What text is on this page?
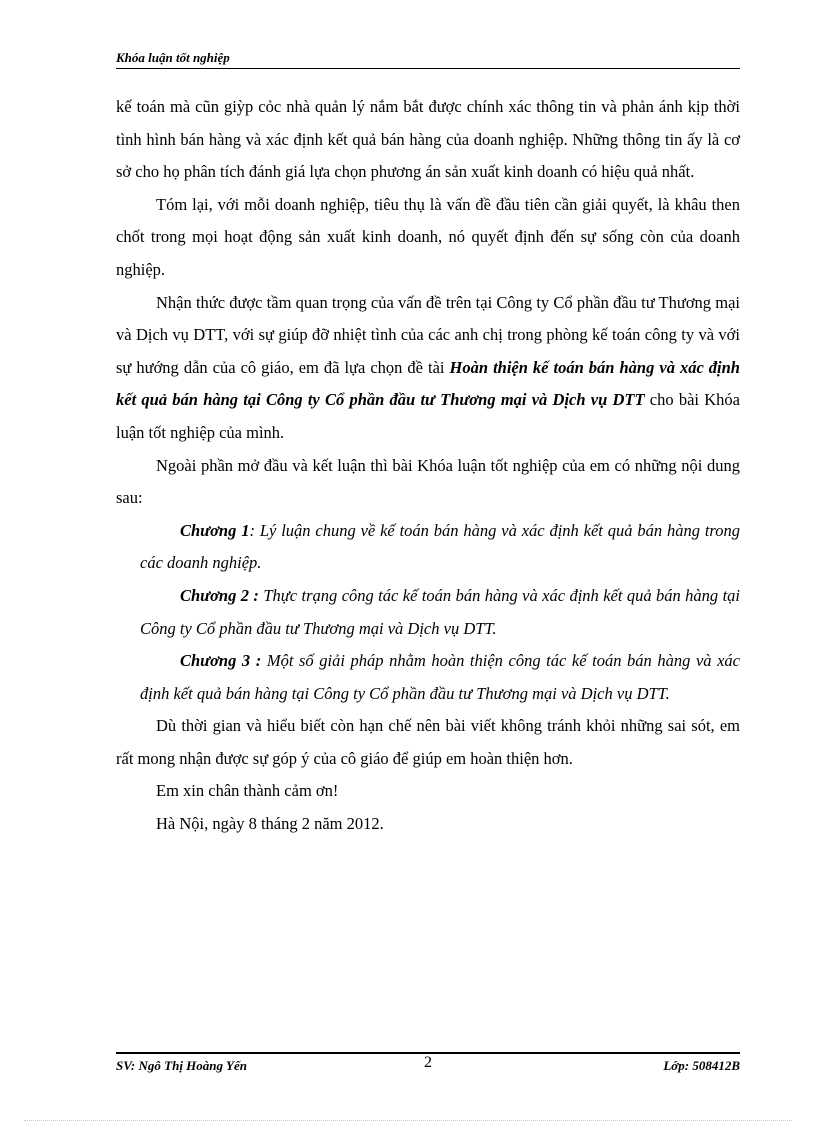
Khóa luận tốt nghiệp

kế toán mà cũn giỳp cỏc nhà quản lý nắm bắt được chính xác thông tin và phản ánh kịp thời tình hình bán hàng và xác định kết quả bán hàng của doanh nghiệp. Những thông tin ấy là cơ sở cho họ phân tích đánh giá lựa chọn phương án sản xuất kinh doanh có hiệu quả nhất.

Tóm lại, với mỗi doanh nghiệp, tiêu thụ là vấn đề đầu tiên cần giải quyết, là khâu then chốt trong mọi hoạt động sản xuất kinh doanh, nó quyết định đến sự sống còn của doanh nghiệp.

Nhận thức được tầm quan trọng của vấn đề trên tại Công ty Cổ phần đầu tư Thương mại và Dịch vụ DTT, với sự giúp đỡ nhiệt tình của các anh chị trong phòng kế toán công ty và với sự hướng dẫn của cô giáo, em đã lựa chọn đề tài Hoàn thiện kế toán bán hàng và xác định kết quả bán hàng tại Công ty Cổ phần đầu tư Thương mại và Dịch vụ DTT cho bài Khóa luận tốt nghiệp của mình.

Ngoài phần mở đầu và kết luận thì bài Khóa luận tốt nghiệp của em có những nội dung sau:

Chương 1: Lý luận chung về kế toán bán hàng và xác định kết quả bán hàng trong các doanh nghiệp.

Chương 2 : Thực trạng công tác kế toán bán hàng và xác định kết quả bán hàng tại Công ty Cổ phần đầu tư Thương mại và Dịch vụ DTT.

Chương 3 : Một số giải pháp nhằm hoàn thiện công tác kế toán bán hàng và xác định kết quả bán hàng tại Công ty Cổ phần đầu tư Thương mại và Dịch vụ DTT.

Dù thời gian và hiểu biết còn hạn chế nên bài viết không tránh khỏi những sai sót, em rất mong nhận được sự góp ý của cô giáo để giúp em hoàn thiện hơn.

Em xin chân thành cảm ơn!

Hà Nội, ngày 8 tháng 2 năm 2012.

SV: Ngô Thị Hoàng Yến	2	Lớp: 508412B
